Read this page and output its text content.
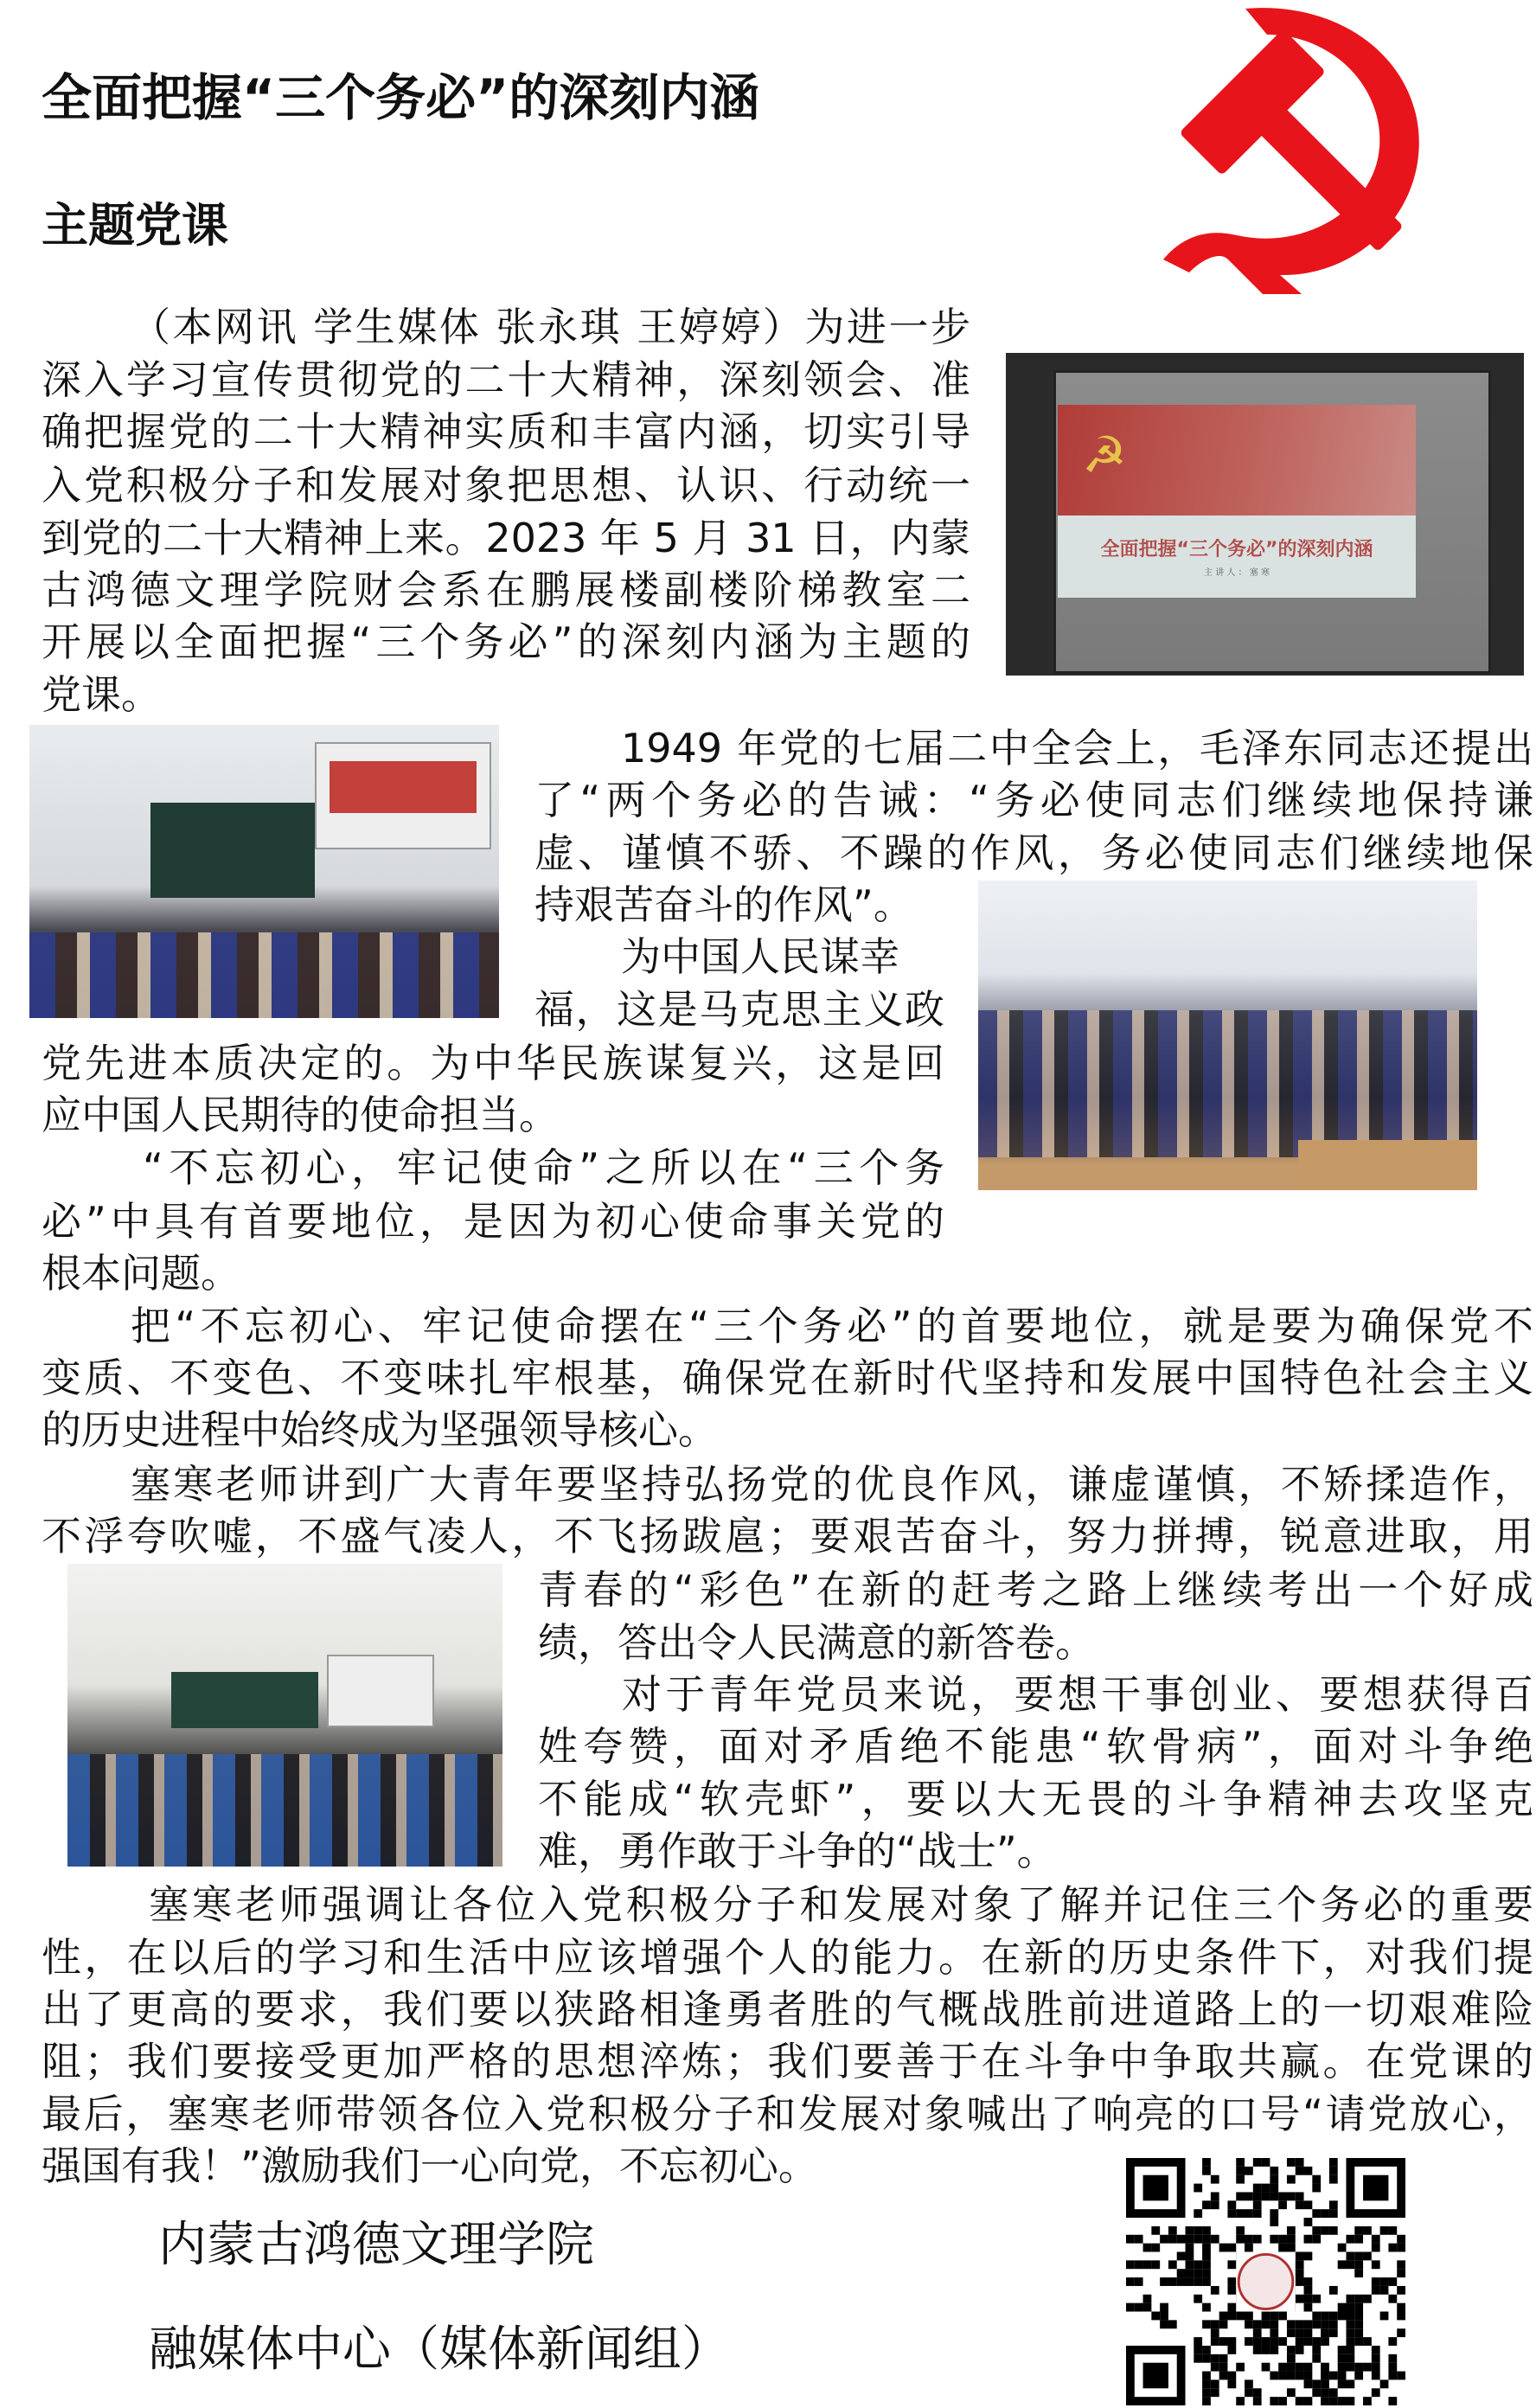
全面把握“三个务必”的深刻内涵
主题党课
☭
全面把握“三个务必”的深刻内涵
主 讲 人 ： 塞 寒
（本网讯 学生媒体 张永琪 王婷婷）为进一步
深入学习宣传贯彻党的二十大精神，深刻领会、准
确把握党的二十大精神实质和丰富内涵，切实引导
入党积极分子和发展对象把思想、认识、行动统一
到党的二十大精神上来。2023 年 5 月 31 日，内蒙
古鸿德文理学院财会系在鹏展楼副楼阶梯教室二
开展以全面把握“三个务必”的深刻内涵为主题的
党课。
1949 年党的七届二中全会上，毛泽东同志还提出
了“两个务必的告诫：“务必使同志们继续地保持谦
虚、谨慎不骄、不躁的作风，务必使同志们继续地保
持艰苦奋斗的作风”。
为中国人民谋幸
福，这是马克思主义政
党先进本质决定的。为中华民族谋复兴，这是回
应中国人民期待的使命担当。
“不忘初心，牢记使命”之所以在“三个务
必”中具有首要地位，是因为初心使命事关党的
根本问题。
把“不忘初心、牢记使命摆在“三个务必”的首要地位，就是要为确保党不
变质、不变色、不变味扎牢根基，确保党在新时代坚持和发展中国特色社会主义
的历史进程中始终成为坚强领导核心。
塞寒老师讲到广大青年要坚持弘扬党的优良作风，谦虚谨慎，不矫揉造作，
不浮夸吹嘘，不盛气凌人，不飞扬跋扈；要艰苦奋斗，努力拼搏，锐意进取，用
青春的“彩色”在新的赶考之路上继续考出一个好成
绩，答出令人民满意的新答卷。
对于青年党员来说，要想干事创业、要想获得百
姓夸赞，面对矛盾绝不能患“软骨病”，面对斗争绝
不能成“软壳虾”，要以大无畏的斗争精神去攻坚克
难，勇作敢于斗争的“战士”。
塞寒老师强调让各位入党积极分子和发展对象了解并记住三个务必的重要
性，在以后的学习和生活中应该增强个人的能力。在新的历史条件下，对我们提
出了更高的要求，我们要以狭路相逢勇者胜的气概战胜前进道路上的一切艰难险
阻；我们要接受更加严格的思想淬炼；我们要善于在斗争中争取共赢。在党课的
最后，塞寒老师带领各位入党积极分子和发展对象喊出了响亮的口号“请党放心，
强国有我！”激励我们一心向党，不忘初心。
内蒙古鸿德文理学院
融媒体中心（媒体新闻组）
